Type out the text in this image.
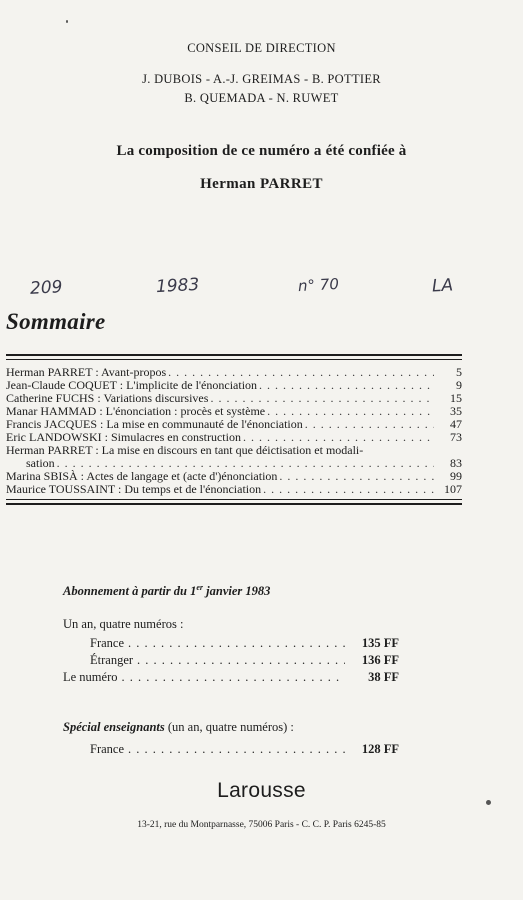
CONSEIL DE DIRECTION
J. DUBOIS - A.-J. GREIMAS - B. POTTIER
B. QUEMADA - N. RUWET
La composition de ce numéro a été confiée à
Herman PARRET
209	1983	n° 70	LA
Sommaire
Herman PARRET : Avant-propos . . .	5
Jean-Claude COQUET : L'implicite de l'énonciation . . .	9
Catherine FUCHS : Variations discursives . . .	15
Manar HAMMAD : L'énonciation : procès et système . . .	35
Francis JACQUES : La mise en communauté de l'énonciation . . .	47
Eric LANDOWSKI : Simulacres en construction . . .	73
Herman PARRET : La mise en discours en tant que déictisation et modali-
sation . . .	83
Marina SBISÀ : Actes de langage et (acte d')énonciation . . .	99
Maurice TOUSSAINT : Du temps et de l'énonciation . . .	107
Abonnement à partir du 1er janvier 1983
Un an, quatre numéros :
France . . .	135 FF
Étranger . . .	136 FF
Le numéro . . .	38 FF
Spécial enseignants (un an, quatre numéros) :
France . . .	128 FF
Larousse
13-21, rue du Montparnasse, 75006 Paris - C. C. P. Paris 6245-85
